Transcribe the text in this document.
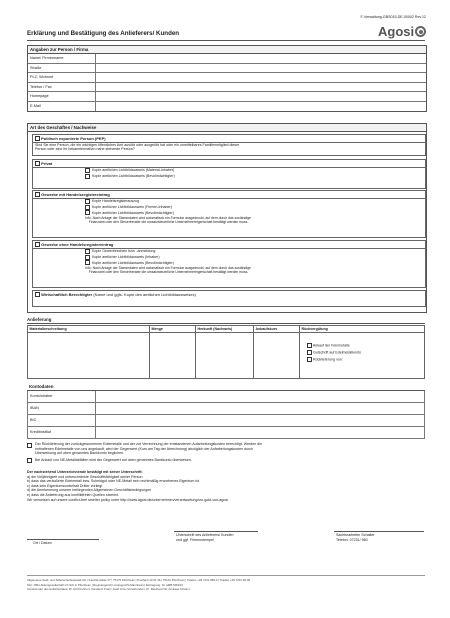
F-Verwaltung-GBS015-DE-00002 Rev.12
Agosi
Erklärung und Bestätigung des Anlieferers/ Kunden
Angaben zur Person / Firma
Name/ Firmenname
Straße
PLZ, Wohnort
Telefon / Fax
Homepage
E-Mail
Art des Geschäftes / Nachweise
Politisch exponierte Person (PEP)
Sind Sie eine Person, die ein wichtiges öffentliches Amt ausübt oder ausgeübt hat oder ein unmittelbares Familienmitglied dieser
Person oder eine ihr bekanntermaßen nahe stehende Person?
Privat
Kopie amtlichen Lichtbildausweis (Material-Inhaber)
Kopie amtlichen Lichtbildausweis (Bevollmächtigter)
Gewerbe mit Handelsregistereintrag
Kopie Handelsregisterauszug
Kopie amtlicher Lichtbildausweis (Firmen-Inhaber)
Kopie amtlicher Lichtbildausweis (Bevollmächtigter)
Info: Nach Anlage der Stammdaten wird automatisch ein Formular ausgedruckt, auf dem durch das zuständige
Finanzamt oder den Steuerberater die umsatzsteuerliche Unternehmereigenschaft bestätigt werden muss.
Gewerbe ohne Handelsregistereintrag
Kopie Gewerbeschein bzw. -anmeldung
Kopie amtlicher Lichtbildausweis (Inhaber)
Kopie amtlicher Lichtbildausweis (Bevollmächtigter)
Info: Nach Anlage der Stammdaten wird automatisch ein Formular ausgedruckt, auf dem durch das zuständige
Finanzamt oder den Steuerberater die umsatzsteuerliche Unternehmereigenschaft bestätigt werden muss.
Wirtschaftlich Berechtigter (Name und ggfs. Kopie des amtlichen Lichtbildausweises)
Anlieferung
Materialbeschreibung	Menge	Herkunft (Nachweis)	Ankaufskurs	Rückvergütung

				Ankauf der Feinmetalle
Gutschrift auf Edelmetallkonto
Rücklieferung von:
Kontodaten
Kontoinhaber
IBAN
BIC
Kreditinstitut
Der Rücklieferung der zurückgewonnenen Edelmetalle und der zur Verrechnung der entstandenen Aufarbeitungskosten berechtigt. Werden die
enthaltenen Edelmetalle von uns angekauft, wird der Gegenwert (Kurs am Tag der Abrechnung) abzüglich der Aufarbeitungskosten durch
Überweisung auf oben genanntes Bankkonto beglichen.
Bei Ankauf von NE-Metallabfällen wird der Gegenwert auf oben genanntes Bankkonto überwiesen.
Der nachstehend Unterzeichnende bestätigt mit seiner Unterschrift:
a) die Volljährigkeit und unbeschränkte Geschäftsfähigkeit seiner Person
b) dass das veräußerte Edelmetall bzw. Scheidgut oder NE-Metall sein rechtmäßig erworbenes Eigentum ist
c) dass kein Eigentumsvorbehalt Dritter vorliegt
d) die Anerkennung unserer beiliegenden Allgemeinen Geschäftsbedingungen
e) dass die Anlieferung aus konfliktfreien Quellen stammt.
Wir verweisen auf unsere conflict-free smelter policy unter http://www.agosi.de/unternehmen/verantwortung/csr-gold-von-agosi
Ort / Datum
Unterschrift des Anlieferers/ Kunden
und ggf. Firmenstempel
Sachbearbeiter Schalter
Telefon: 07231/ 960
Allgemeine Gold- und Silberscheideanstalt AG | Kanzlerstraße 17 | 75175 Pforzheim | Postfach 10 01 46 | 75101 Pforzheim | Telefon +49 7231 960-0 | Telefax +49 7231 60 08
Sitz: 1891 Aktiengesellschaft mit Sitz in Pforzheim | Registergericht: Amtsgericht Mannheim | Eintragung: Nr. HRB 500013
Vorsitzender des Aufsichtsrates: Dr. Rolf Kuhnert, Vorstand: Franz Josef Arns (Vorsitzender), Dr. Reinhard Ott, Andreas Tehrani
